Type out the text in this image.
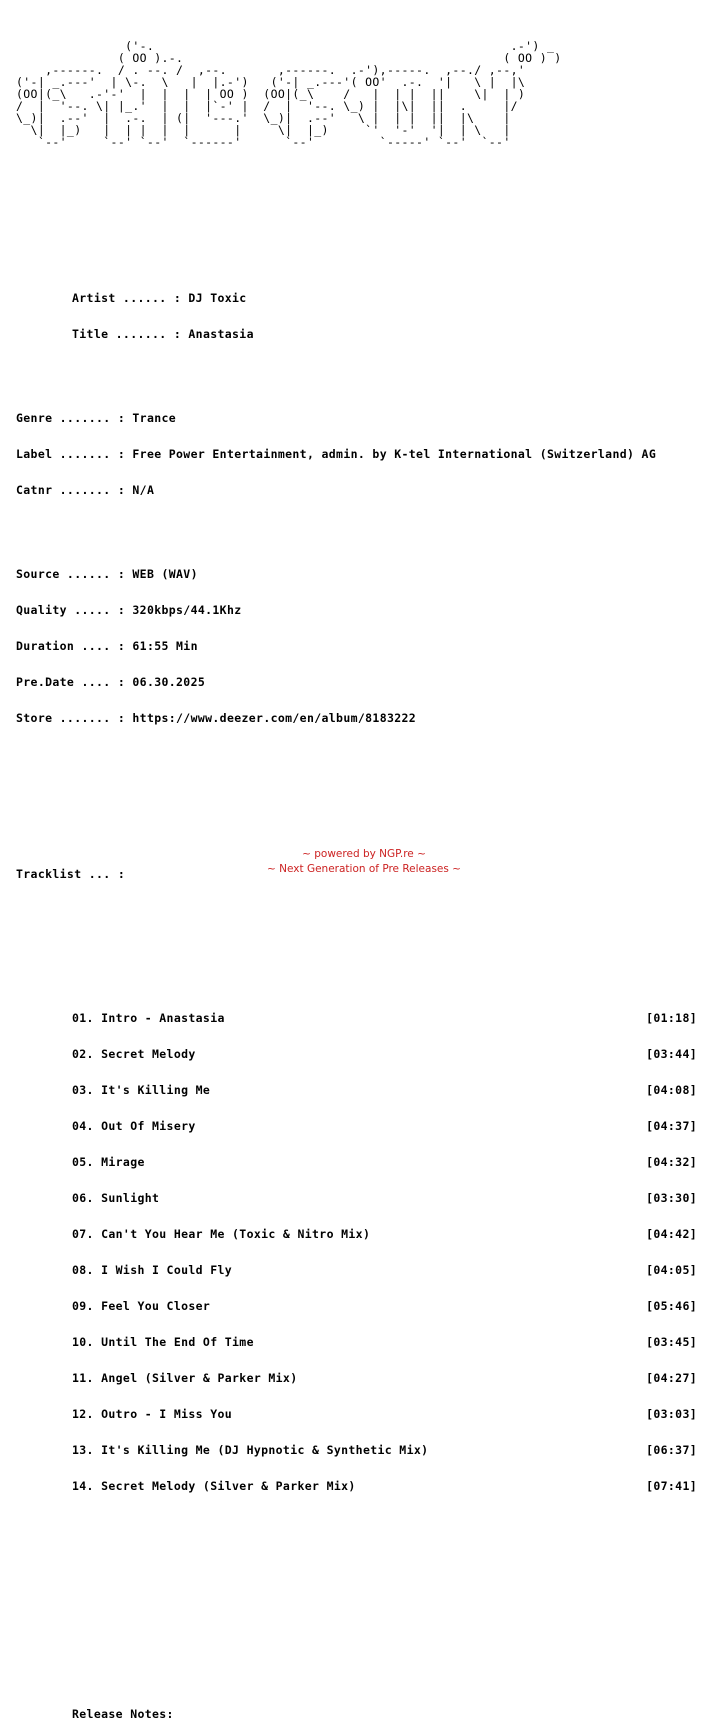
('-.                                                 .-') _
( OO ).-.                                            ( OO ) )
,------.  / . --. /  ,--.       ,------.  .-'),-----.  ,--./ ,--,'
('-| _.---'  | \-.  \   |  |.-')   ('-| _.---'( OO'  .-.  '|   \ |  |\
(OO|(_\   .-'-'  |  |  |  | OO )  (OO|(_\    /   |  | |  ||    \|  | )
/  |  '--. \| |_.'  |  |  |`-' |  /  |  '--. \_) |  |\|  ||  .     |/
\_)|  .--'  |  .-.  | (|  '---.'  \_)|  .--'   \ |  | |  ||  |\    |
\|  |_)   |  | |  |  |      |     \|  |_)     `'  '-'  '|  | \   |
`--'     `--' `--'  `------'      `--'         `-----' `--'  `--'

Artist ...... : DJ Toxic

Title ....... : Anastasia

Genre ....... : Trance

Label ....... : Free Power Entertainment, admin. by K-tel International (Switzerland) AG

Catnr ....... : N/A

Source ...... : WEB (WAV)

Quality ..... : 320kbps/44.1Khz

Duration .... : 61:55 Min

Pre.Date .... : 06.30.2025

Store ....... : https://www.deezer.com/en/album/8183222

Tracklist ... :

01. Intro - Anastasia	[01:18]

02. Secret Melody	[03:44]

03. It's Killing Me	[04:08]

04. Out Of Misery	[04:37]

05. Mirage	[04:32]

06. Sunlight	[03:30]

07. Can't You Hear Me (Toxic & Nitro Mix)	[04:42]

08. I Wish I Could Fly	[04:05]

09. Feel You Closer	[05:46]

10. Until The End Of Time	[03:45]

11. Angel (Silver & Parker Mix)	[04:27]

12. Outro - I Miss You	[03:03]

13. It's Killing Me (DJ Hypnotic & Synthetic Mix)	[06:37]

14. Secret Melody (Silver & Parker Mix)	[07:41]

Release Notes:

~ powered by NGP.re ~
~ Next Generation of Pre Releases ~
